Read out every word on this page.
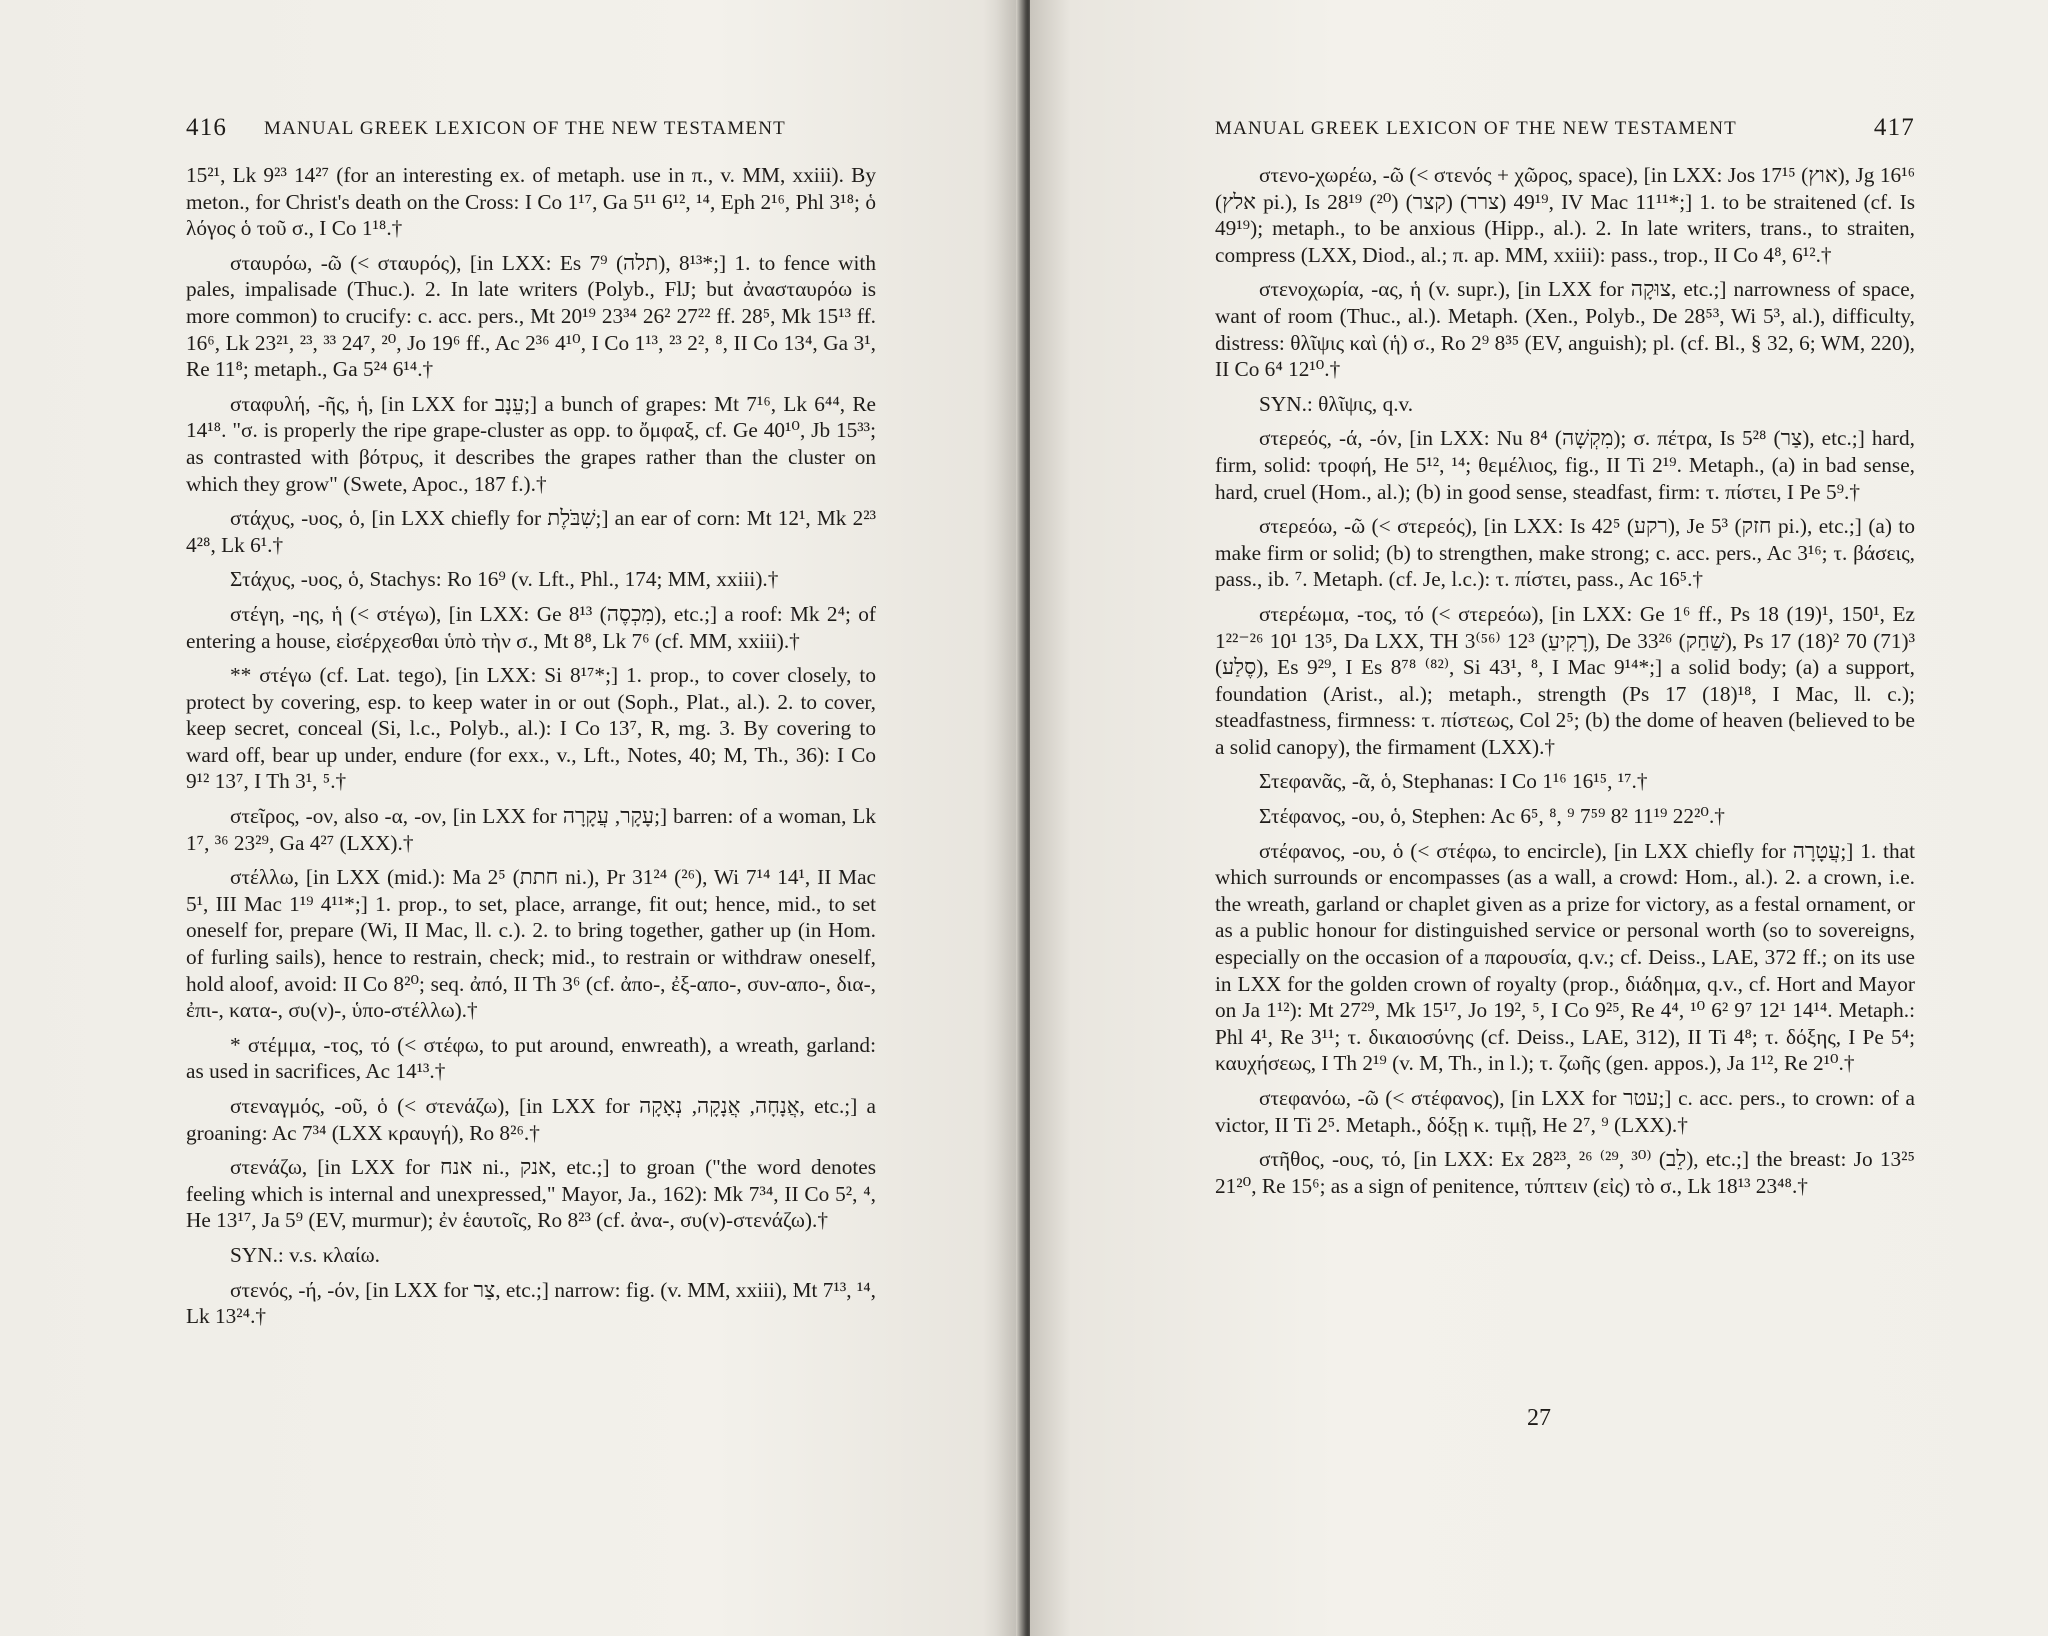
416 MANUAL GREEK LEXICON OF THE NEW TESTAMENT

15²¹, Lk 9²³ 14²⁷ (for an interesting ex. of metaph. use in π., v. MM, xxiii). By meton., for Christ's death on the Cross: I Co 1¹⁷, Ga 5¹¹ 6¹², ¹⁴, Eph 2¹⁶, Phl 3¹⁸; ὁ λόγος ὁ τοῦ σ., I Co 1¹⁸.†

σταυρόω, -ῶ (< σταυρός), [in LXX: Es 7⁹ (תלה), 8¹³*;] 1. to fence with pales, impalisade (Thuc.). 2. In late writers (Polyb., FlJ; but ἀνασταυρόω is more common) to crucify: c. acc. pers., Mt 20¹⁹ 23³⁴ 26² 27²² ff. 28⁵, Mk 15¹³ ff. 16⁶, Lk 23²¹, ²³, ³³ 24⁷, ²⁰, Jo 19⁶ ff., Ac 2³⁶ 4¹⁰, I Co 1¹³, ²³ 2², ⁸, II Co 13⁴, Ga 3¹, Re 11⁸; metaph., Ga 5²⁴ 6¹⁴.†

σταφυλή, -ῆς, ἡ, [in LXX for עֵנָב;] a bunch of grapes: Mt 7¹⁶, Lk 6⁴⁴, Re 14¹⁸. "σ. is properly the ripe grape-cluster as opp. to ὄμφαξ, cf. Ge 40¹⁰, Jb 15³³; as contrasted with βότρυς, it describes the grapes rather than the cluster on which they grow" (Swete, Apoc., 187 f.).†

στάχυς, -υος, ὁ, [in LXX chiefly for שִׁבֹּלֶת;] an ear of corn: Mt 12¹, Mk 2²³ 4²⁸, Lk 6¹.†

Στάχυς, -υος, ὁ, Stachys: Ro 16⁹ (v. Lft., Phl., 174; MM, xxiii).†

στέγη, -ης, ἡ (< στέγω), [in LXX: Ge 8¹³ (מִכְסֶה), etc.;] a roof: Mk 2⁴; of entering a house, εἰσέρχεσθαι ὑπὸ τὴν σ., Mt 8⁸, Lk 7⁶ (cf. MM, xxiii).†

** στέγω (cf. Lat. tego), [in LXX: Si 8¹⁷*;] 1. prop., to cover closely, to protect by covering, esp. to keep water in or out (Soph., Plat., al.). 2. to cover, keep secret, conceal (Si, l.c., Polyb., al.): I Co 13⁷, R, mg. 3. By covering to ward off, bear up under, endure (for exx., v., Lft., Notes, 40; M, Th., 36): I Co 9¹² 13⁷, I Th 3¹, ⁵.†

στεῖρος, -ον, also -α, -ον, [in LXX for עָקָר, עֲקָרָה;] barren: of a woman, Lk 1⁷, ³⁶ 23²⁹, Ga 4²⁷ (LXX).†

στέλλω, [in LXX (mid.): Ma 2⁵ (חתת ni.), Pr 31²⁴ (²⁶), Wi 7¹⁴ 14¹, II Mac 5¹, III Mac 1¹⁹ 4¹¹*;] 1. prop., to set, place, arrange, fit out; hence, mid., to set oneself for, prepare (Wi, II Mac, ll. c.). 2. to bring together, gather up (in Hom. of furling sails), hence to restrain, check; mid., to restrain or withdraw oneself, hold aloof, avoid: II Co 8²⁰; seq. ἀπό, II Th 3⁶ (cf. ἀπο-, ἐξ-απο-, συν-απο-, δια-, ἐπι-, κατα-, συ(ν)-, ὑπο-στέλλω).†

* στέμμα, -τος, τό (< στέφω, to put around, enwreath), a wreath, garland: as used in sacrifices, Ac 14¹³.†

στεναγμός, -οῦ, ὁ (< στενάζω), [in LXX for אֲנָחָה, אֲנָקָה, נְאָקָה, etc.;] a groaning: Ac 7³⁴ (LXX κραυγή), Ro 8²⁶.†

στενάζω, [in LXX for אנח ni., אנק, etc.;] to groan ("the word denotes feeling which is internal and unexpressed," Mayor, Ja., 162): Mk 7³⁴, II Co 5², ⁴, He 13¹⁷, Ja 5⁹ (EV, murmur); ἐν ἑαυτοῖς, Ro 8²³ (cf. ἀνα-, συ(ν)-στενάζω).†

SYN.: v.s. κλαίω.

στενός, -ή, -όν, [in LXX for צַר, etc.;] narrow: fig. (v. MM, xxiii), Mt 7¹³, ¹⁴, Lk 13²⁴.†

MANUAL GREEK LEXICON OF THE NEW TESTAMENT	417

στενο-χωρέω, -ῶ (< στενός + χῶρος, space), [in LXX: Jos 17¹⁵ (אוץ), Jg 16¹⁶ (אלץ pi.), Is 28¹⁹ (²⁰) (קצר) 49¹⁹ (צרר), IV Mac 11¹¹*;] 1. to be straitened (cf. Is 49¹⁹); metaph., to be anxious (Hipp., al.). 2. In late writers, trans., to straiten, compress (LXX, Diod., al.; π. ap. MM, xxiii): pass., trop., II Co 4⁸, 6¹².†

στενοχωρία, -ας, ἡ (v. supr.), [in LXX for צוּקָה, etc.;] narrowness of space, want of room (Thuc., al.). Metaph. (Xen., Polyb., De 28⁵³, Wi 5³, al.), difficulty, distress: θλῖψις καὶ (ἡ) σ., Ro 2⁹ 8³⁵ (EV, anguish); pl. (cf. Bl., § 32, 6; WM, 220), II Co 6⁴ 12¹⁰.†

SYN.: θλῖψις, q.v.

στερεός, -ά, -όν, [in LXX: Nu 8⁴ (מִקְשָׁה); σ. πέτρα, Is 5²⁸ (צַר), etc.;] hard, firm, solid: τροφή, He 5¹², ¹⁴; θεμέλιος, fig., II Ti 2¹⁹. Metaph., (a) in bad sense, hard, cruel (Hom., al.); (b) in good sense, steadfast, firm: τ. πίστει, I Pe 5⁹.†

στερεόω, -ῶ (< στερεός), [in LXX: Is 42⁵ (רקע), Je 5³ (חזק pi.), etc.;] (a) to make firm or solid; (b) to strengthen, make strong; c. acc. pers., Ac 3¹⁶; τ. βάσεις, pass., ib. ⁷. Metaph. (cf. Je, l.c.): τ. πίστει, pass., Ac 16⁵.†

στερέωμα, -τος, τό (< στερεόω), [in LXX: Ge 1⁶ ff., Ps 18 (19)¹, 150¹, Ez 1²²⁻²⁶ 10¹ 13⁵, Da LXX, TH 3⁽⁵⁶⁾ 12³ (רָקִיעַ), De 33²⁶ (שַׁחַק), Ps 17 (18)² 70 (71)³ (סֶלַע), Es 9²⁹, I Es 8⁷⁸ ⁽⁸²⁾, Si 43¹, ⁸, I Mac 9¹⁴*;] a solid body; (a) a support, foundation (Arist., al.); metaph., strength (Ps 17 (18)¹⁸, I Mac, ll. c.); steadfastness, firmness: τ. πίστεως, Col 2⁵; (b) the dome of heaven (believed to be a solid canopy), the firmament (LXX).†

Στεφανᾶς, -ᾶ, ὁ, Stephanas: I Co 1¹⁶ 16¹⁵, ¹⁷.†

Στέφανος, -ου, ὁ, Stephen: Ac 6⁵, ⁸, ⁹ 7⁵⁹ 8² 11¹⁹ 22²⁰.†

στέφανος, -ου, ὁ (< στέφω, to encircle), [in LXX chiefly for עֲטָרָה;] 1. that which surrounds or encompasses (as a wall, a crowd: Hom., al.). 2. a crown, i.e. the wreath, garland or chaplet given as a prize for victory, as a festal ornament, or as a public honour for distinguished service or personal worth (so to sovereigns, especially on the occasion of a παρουσία, q.v.; cf. Deiss., LAE, 372 ff.; on its use in LXX for the golden crown of royalty (prop., διάδημα, q.v., cf. Hort and Mayor on Ja 1¹²): Mt 27²⁹, Mk 15¹⁷, Jo 19², ⁵, I Co 9²⁵, Re 4⁴, ¹⁰ 6² 9⁷ 12¹ 14¹⁴. Metaph.: Phl 4¹, Re 3¹¹; τ. δικαιοσύνης (cf. Deiss., LAE, 312), II Ti 4⁸; τ. δόξης, I Pe 5⁴; καυχήσεως, I Th 2¹⁹ (v. M, Th., in l.); τ. ζωῆς (gen. appos.), Ja 1¹², Re 2¹⁰.†

στεφανόω, -ῶ (< στέφανος), [in LXX for עטר;] c. acc. pers., to crown: of a victor, II Ti 2⁵. Metaph., δόξῃ κ. τιμῇ, He 2⁷, ⁹ (LXX).†

στῆθος, -ους, τό, [in LXX: Ex 28²³, ²⁶ ⁽²⁹, ³⁰⁾ (לֵב), etc.;] the breast: Jo 13²⁵ 21²⁰, Re 15⁶; as a sign of penitence, τύπτειν (εἰς) τὸ σ., Lk 18¹³ 23⁴⁸.†

27
